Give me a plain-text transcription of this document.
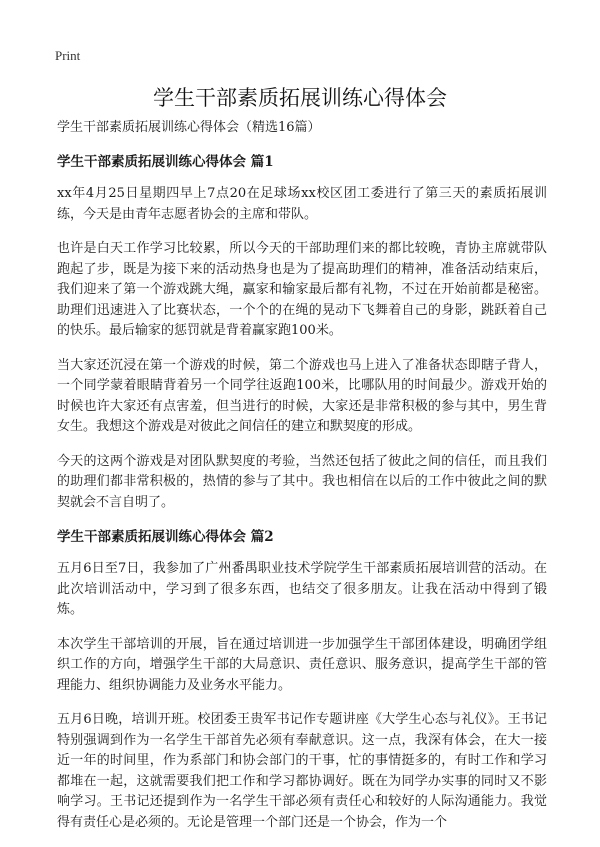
Print
学生干部素质拓展训练心得体会

学生干部素质拓展训练心得体会（精选16篇）

学生干部素质拓展训练心得体会 篇1

xx年4月25日星期四早上7点20在足球场xx校区团工委进行了第三天的素质拓展训练，今天是由青年志愿者协会的主席和带队。

也许是白天工作学习比较累，所以今天的干部助理们来的都比较晚，青协主席就带队跑起了步，既是为接下来的活动热身也是为了提高助理们的精神，准备活动结束后，我们迎来了第一个游戏跳大绳，赢家和输家最后都有礼物，不过在开始前都是秘密。助理们迅速进入了比赛状态，一个个的在绳的晃动下飞舞着自己的身影，跳跃着自己的快乐。最后输家的惩罚就是背着赢家跑100米。

当大家还沉浸在第一个游戏的时候，第二个游戏也马上进入了准备状态即瞎子背人，一个同学蒙着眼睛背着另一个同学往返跑100米，比哪队用的时间最少。游戏开始的时候也许大家还有点害羞，但当进行的时候，大家还是非常积极的参与其中，男生背女生。我想这个游戏是对彼此之间信任的建立和默契度的形成。

今天的这两个游戏是对团队默契度的考验，当然还包括了彼此之间的信任，而且我们的助理们都非常积极的，热情的参与了其中。我也相信在以后的工作中彼此之间的默契就会不言自明了。

学生干部素质拓展训练心得体会 篇2

五月6日至7日，我参加了广州番禺职业技术学院学生干部素质拓展培训营的活动。在此次培训活动中，学习到了很多东西，也结交了很多朋友。让我在活动中得到了锻炼。

本次学生干部培训的开展，旨在通过培训进一步加强学生干部团体建设，明确团学组织工作的方向，增强学生干部的大局意识、责任意识、服务意识，提高学生干部的管理能力、组织协调能力及业务水平能力。

五月6日晚，培训开班。校团委王贵军书记作专题讲座《大学生心态与礼仪》。王书记特别强调到作为一名学生干部首先必须有奉献意识。这一点，我深有体会，在大一接近一年的时间里，作为系部门和协会部门的干事，忙的事情挺多的，有时工作和学习都堆在一起，这就需要我们把工作和学习都协调好。既在为同学办实事的同时又不影响学习。王书记还提到作为一名学生干部必须有责任心和较好的人际沟通能力。我觉得有责任心是必须的。无论是管理一个部门还是一个协会，作为一个
